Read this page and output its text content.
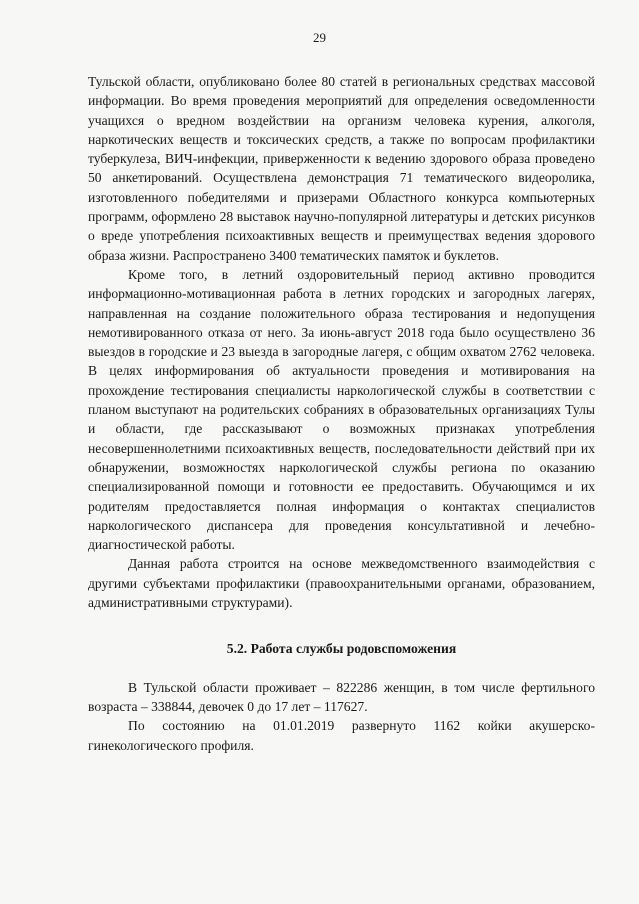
29

Тульской области, опубликовано более 80 статей в региональных средствах массовой информации. Во время проведения мероприятий для определения осведомленности учащихся о вредном воздействии на организм человека курения, алкоголя, наркотических веществ и токсических средств, а также по вопросам профилактики туберкулеза, ВИЧ-инфекции, приверженности к ведению здорового образа проведено 50 анкетирований. Осуществлена демонстрация 71 тематического видеоролика, изготовленного победителями и призерами Областного конкурса компьютерных программ, оформлено 28 выставок научно-популярной литературы и детских рисунков о вреде употребления психоактивных веществ и преимуществах ведения здорового образа жизни. Распространено 3400 тематических памяток и буклетов.

Кроме того, в летний оздоровительный период активно проводится информационно-мотивационная работа в летних городских и загородных лагерях, направленная на создание положительного образа тестирования и недопущения немотивированного отказа от него. За июнь-август 2018 года было осуществлено 36 выездов в городские и 23 выезда в загородные лагеря, с общим охватом 2762 человека. В целях информирования об актуальности проведения и мотивирования на прохождение тестирования специалисты наркологической службы в соответствии с планом выступают на родительских собраниях в образовательных организациях Тулы и области, где рассказывают о возможных признаках употребления несовершеннолетними психоактивных веществ, последовательности действий при их обнаружении, возможностях наркологической службы региона по оказанию специализированной помощи и готовности ее предоставить. Обучающимся и их родителям предоставляется полная информация о контактах специалистов наркологического диспансера для проведения консультативной и лечебно-диагностической работы.

Данная работа строится на основе межведомственного взаимодействия с другими субъектами профилактики (правоохранительными органами, образованием, административными структурами).

5.2. Работа службы родовспоможения

В Тульской области проживает – 822286 женщин, в том числе фертильного возраста – 338844, девочек 0 до 17 лет – 117627.

По состоянию на 01.01.2019 развернуто 1162 койки акушерско-гинекологического профиля.
